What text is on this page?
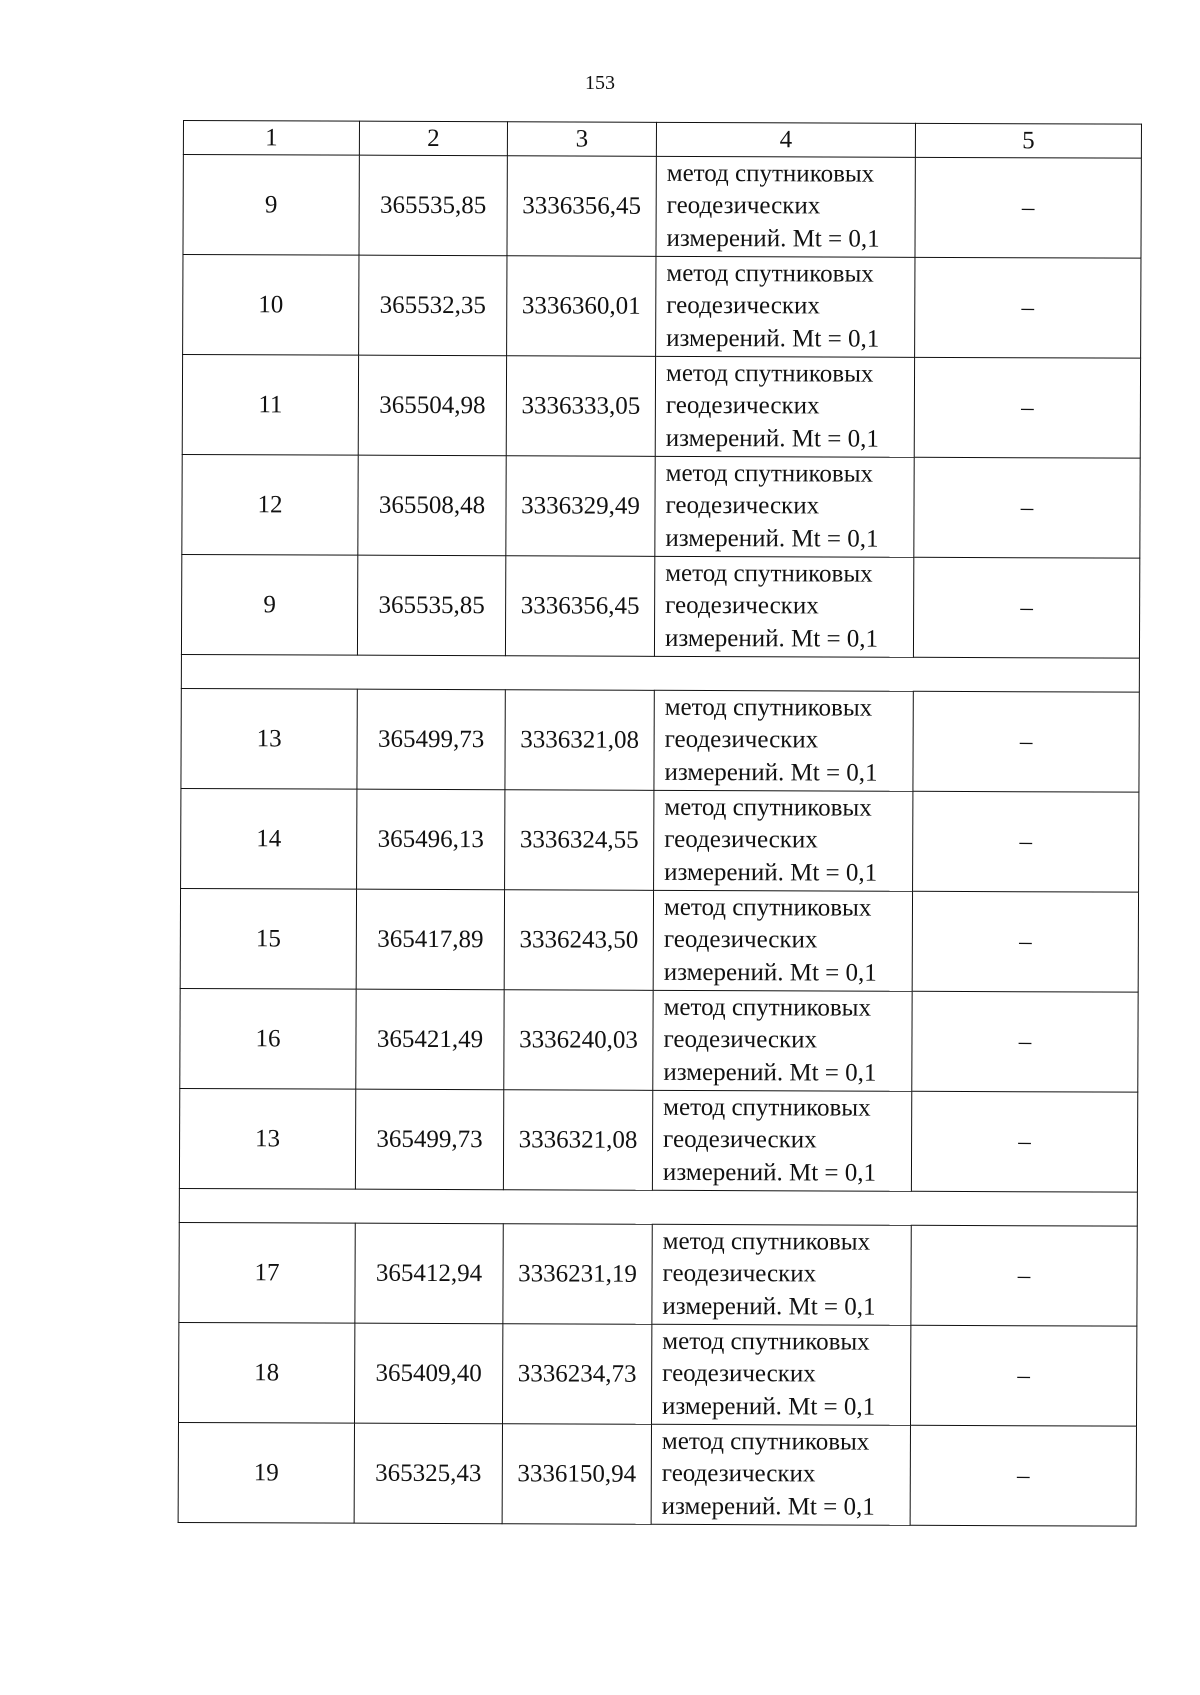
153
1	2	3	4	5
9	365535,85	3336356,45	метод спутниковых
геодезических
измерений. Mt = 0,1	–
10	365532,35	3336360,01	метод спутниковых
геодезических
измерений. Mt = 0,1	–
11	365504,98	3336333,05	метод спутниковых
геодезических
измерений. Mt = 0,1	–
12	365508,48	3336329,49	метод спутниковых
геодезических
измерений. Mt = 0,1	–
9	365535,85	3336356,45	метод спутниковых
геодезических
измерений. Mt = 0,1	–

13	365499,73	3336321,08	метод спутниковых
геодезических
измерений. Mt = 0,1	–
14	365496,13	3336324,55	метод спутниковых
геодезических
измерений. Mt = 0,1	–
15	365417,89	3336243,50	метод спутниковых
геодезических
измерений. Mt = 0,1	–
16	365421,49	3336240,03	метод спутниковых
геодезических
измерений. Mt = 0,1	–
13	365499,73	3336321,08	метод спутниковых
геодезических
измерений. Mt = 0,1	–

17	365412,94	3336231,19	метод спутниковых
геодезических
измерений. Mt = 0,1	–
18	365409,40	3336234,73	метод спутниковых
геодезических
измерений. Mt = 0,1	–
19	365325,43	3336150,94	метод спутниковых
геодезических
измерений. Mt = 0,1	–
